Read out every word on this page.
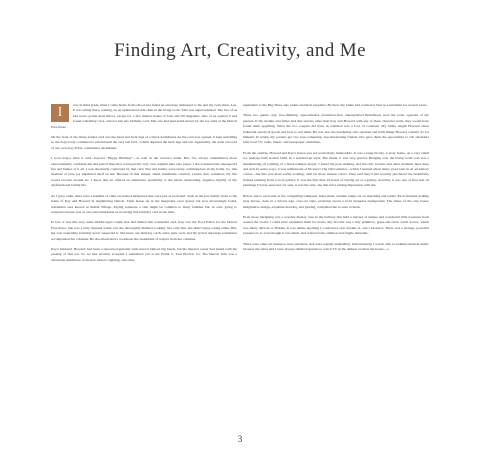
Finding Art, Creativity, and Me

I	was in third grade when I came home from school and found an envelope addressed to me and my twin sister, Lee. It was sitting there, waiting, on an upholstered side chair in the living room. This was unprecedented. The two of us had never gotten mail before, except for a few mutual issues of Jack and Jill magazine. One of us opened it and found a birthday card—but not just any birthday card. This one had been hand-drawn by the toy artist at the Detroit Free Press.

On the front of the many-folded card was the head and front legs of a black dachshund. As the card was opened, it kept unfolding so the dog's body continued to extend until the very last fold—which depicted the back legs and tail. Apparently, the artist was told of our own dog, Fritzi, a miniature dachshund.

I soon forgot what it said—beyond "Happy Birthday"—as well as the creator's name. But, I've always remembered those extraordinarily confident ink and pencil lines that conveyed his very own original idea onto paper. I also treasured the unexpected fun and humor of it all. I was absolutely captivated by that card. Fun and humor were rarely commonplace in my home. So, this moment of pure joy imprinted itself on me. Because of that simple, small, handmade creation, I knew that, somehow, my life would revolve around art. I knew that art offered an alternative possibility to the harsh, unrelenting, negative rigidity of my dysfunctional family life.

As I grew older, there were a handful of other art-related influences that were just as profound. Such as the few family visits to the home of Kay and Howard in neighboring Detroit. Their house sat in the integrated, once grand, but now increasingly faded, residential area known as Indian Village. Paying someone a visit might be common to many families but, in ours, going to someone's house was as rare and remarkable as receiving that birthday card in the mail.

In fact, it was this very same middle-aged couple that had mailed that wonderful card. Kay was the Food Editor for the Detroit Free Press. She was a truly talented writer, but she thoroughly disliked cooking. Not only that, she didn't enjoy eating either. But, her vast readership probably never suspected it. She knew our birthday card's artist quite well, and his lyrical drawings sometimes accompanied her columns. He also illustrated a cookbook she assembled of recipes from her columns.

Kay's husband, Howard, had been a renowned guitarist with several famous big bands, but his musical career had ended with the passing of that era. So, he had recently accepted a salesman's job at the Frank C. Teal Electric Co. The Detroit firm was a wholesale distributor of electric motors, lighting, and other

equipment to the Big-Three auto plants and their suppliers. By then, my father had worked at Teal as a salesman for several years.

These two gentle, arty, free-thinking, open-minded, pretention-free, unprejudiced Bohemians were the polar opposite of my parents. If my mother and father had met anyone other than Kay and Howard with any of these character traits, they would have found them appalling. What the two couples did have in common was a love of cocktails. My father taught Howard about industrial electrical goods and how to sell them. He was also the handyman who repaired and built things Howard couldn't do for himself. In return, my parents got two non-competing, non-threatening friends who gave them the opportunity to rub shoulders with local TV, radio, music, and newspaper celebrities.

From the outside, Howard and Kay's house was not particularly memorable. It was a large blocky, 2-story home, on a very small lot, perhaps built around 1920, in a nondescript style. But inside, it was very special. Hanging over the living room sofa was a mesmerizing oil painting of a black trumpet player. I found the pose striking, and the rich, browns and other dramatic hues deep and rich. In some ways, it was reminiscent of Picasso's The Old Guitarist—which I learned about many years later in an art-history course—but this was more earthy-looking, with far more intense colors. They said they'd just recently purchased the beautifully framed painting from a local gallery. It was the first time I'd heard of buying art at a gallery. Actually, it was one of first real oil paintings I'd ever seen and, for sure, it was the only one that left a lasting impression with me.

Below and to each side of the compelling trumpeter, hand-made ceramic lamps sat on matching end tables. Each featured striking gray horses, done in a Sèvres Age, cave-art style, prancing across a bold turquoise background. The shape of the clay bases, imaginative design, exquisite drawing, and glazing, compelled me to stare at them.

Even more intriguing was a wooden display case in the hallway that held a myriad of unique and wonderful little treasures from around the world. I could have examined them for hours. My favorite was a tiny primitive, grass-and-straw witch doctor, which was likely African or Haitian. It was unlike anything I could have ever dreamt of, and I adored it. There was a strange, powerful presence to it, even though it was small, and crafted from common and fragile materials.

There were other art treasures, here and there, that were equally enthralling. Unfortunately, I wasn't able to examine them in detail, because my sister and I were always shuttled upstairs to watch TV in the darkest room in the house—a

3
